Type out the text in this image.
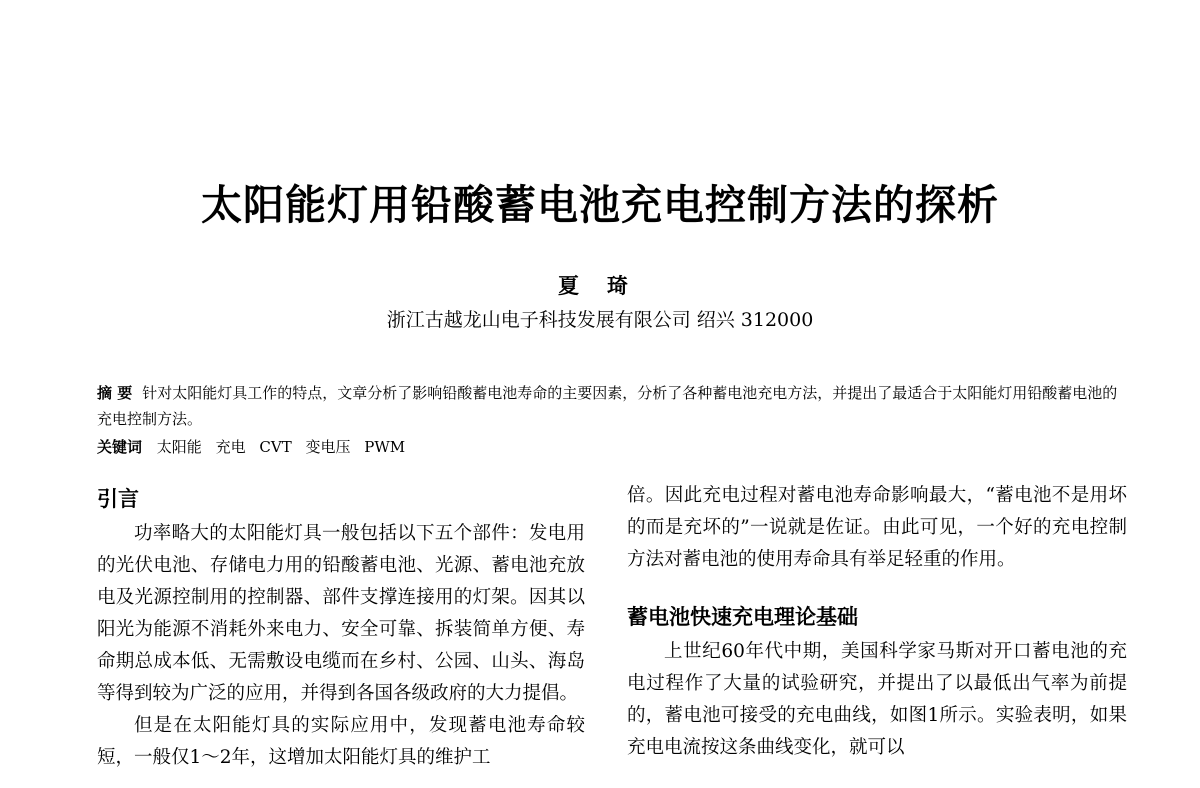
太阳能灯用铅酸蓄电池充电控制方法的探析
夏琦
浙江古越龙山电子科技发展有限公司 绍兴 312000

摘 要 针对太阳能灯具工作的特点，文章分析了影响铅酸蓄电池寿命的主要因素，分析了各种蓄电池充电方法，并提出了最适合于太阳能灯用铅酸蓄电池的充电控制方法。

关键词 太阳能 充电 CVT 变电压 PWM

引言

功率略大的太阳能灯具一般包括以下五个部件：发电用的光伏电池、存储电力用的铅酸蓄电池、光源、蓄电池充放电及光源控制用的控制器、部件支撑连接用的灯架。因其以阳光为能源不消耗外来电力、安全可靠、拆装简单方便、寿命期总成本低、无需敷设电缆而在乡村、公园、山头、海岛等得到较为广泛的应用，并得到各国各级政府的大力提倡。

但是在太阳能灯具的实际应用中，发现蓄电池寿命较短，一般仅1～2年，这增加太阳能灯具的维护工

倍。因此充电过程对蓄电池寿命影响最大，“蓄电池不是用坏的而是充坏的”一说就是佐证。由此可见，一个好的充电控制方法对蓄电池的使用寿命具有举足轻重的作用。

蓄电池快速充电理论基础

上世纪60年代中期，美国科学家马斯对开口蓄电池的充电过程作了大量的试验研究，并提出了以最低出气率为前提的，蓄电池可接受的充电曲线，如图1所示。实验表明，如果充电电流按这条曲线变化，就可以
